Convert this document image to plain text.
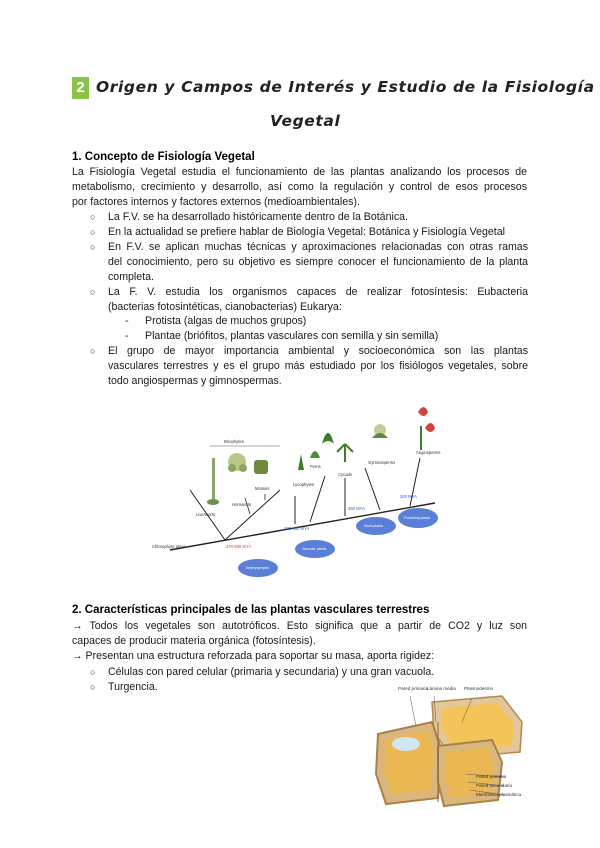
2 Origen y Campos de Interés y Estudio de la Fisiología
Vegetal
1. Concepto de Fisiología Vegetal
La Fisiología Vegetal estudia el funcionamiento de las plantas analizando los procesos de
metabolismo, crecimiento y desarrollo, así como la regulación y control de esos procesos
por factores internos y factores externos (medioambientales).
○ La F.V. se ha desarrollado históricamente dentro de la Botánica.
○ En la actualidad se prefiere hablar de Biología Vegetal: Botánica y Fisiología Vegetal
○ En F.V. se aplican muchas técnicas y aproximaciones relacionadas con otras ramas
del conocimiento, pero su objetivo es siempre conocer el funcionamiento de la planta
completa.
○ La F. V. estudia los organismos capaces de realizar fotosíntesis: Eubacteria
(bacterias fotosintéticas, cianobacterias) Eukarya:
- Protista (algas de muchos grupos)
- Plantae (briófitos, plantas vasculares con semilla y sin semilla)
○ El grupo de mayor importancia ambiental y socioeconómica son las plantas
vasculares terrestres y es el grupo más estudiado por los fisiólogos vegetales, sobre
todo angiospermas y gimnospermas.
Briophytes
Chlorophyte algae
Liverworts
Hornworts
Mosses
Lycophytes
Ferns
Cycads
Gymnosperms
Angiosperms
470-500 MYA
400-450 MYA
360 MYA
200 MYA
Embryophytes
Vascular plants
Seed plants
Flowering plants
2. Características principales de las plantas vasculares terrestres
→ Todos los vegetales son autotróficos. Esto significa que a partir de CO2 y luz son
capaces de producir materia orgánica (fotosíntesis).
→ Presentan una estructura reforzada para soportar su masa, aporta rigidez:
○ Células con pared celular (primaria y secundaria) y una gran vacuola.
○ Turgencia.	Pared primaria
Lámina media Plasmodesmo
Pared primaria
Pared secundaria
Membrana plasmática
